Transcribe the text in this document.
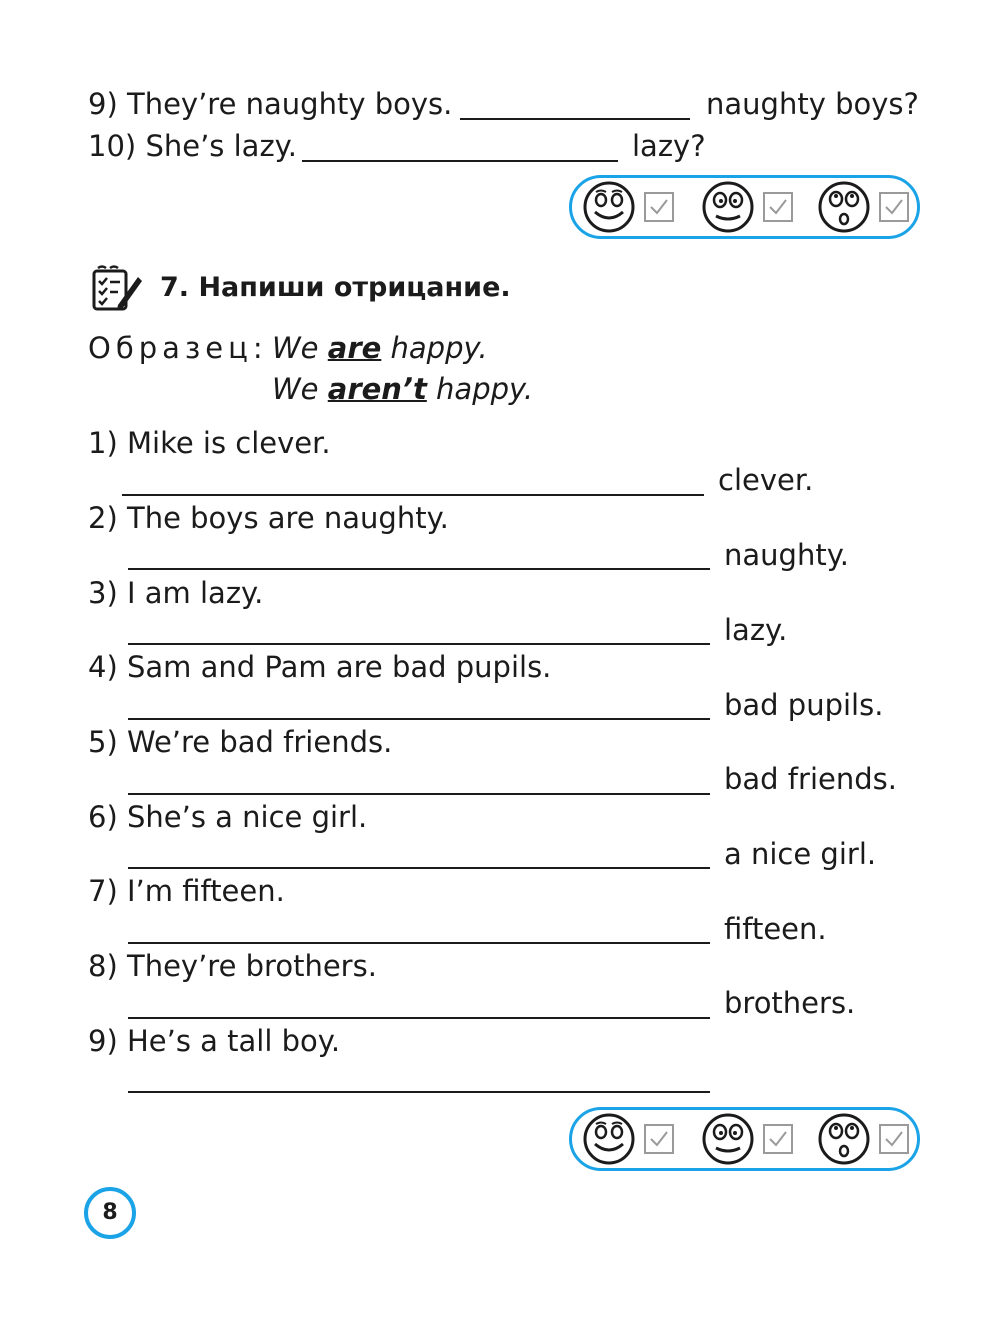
9) They’re naughty boys.	naughty boys?
10) She’s lazy.	lazy?
7. Напиши отрицание.
Образец: We are happy.
We aren’t happy.
1) Mike is clever.
clever.
2) The boys are naughty.
naughty.
3) I am lazy.
lazy.
4) Sam and Pam are bad pupils.
bad pupils.
5) We’re bad friends.
bad friends.
6) She’s a nice girl.
a nice girl.
7) I’m fifteen.
fifteen.
8) They’re brothers.
brothers.
9) He’s a tall boy.
8
